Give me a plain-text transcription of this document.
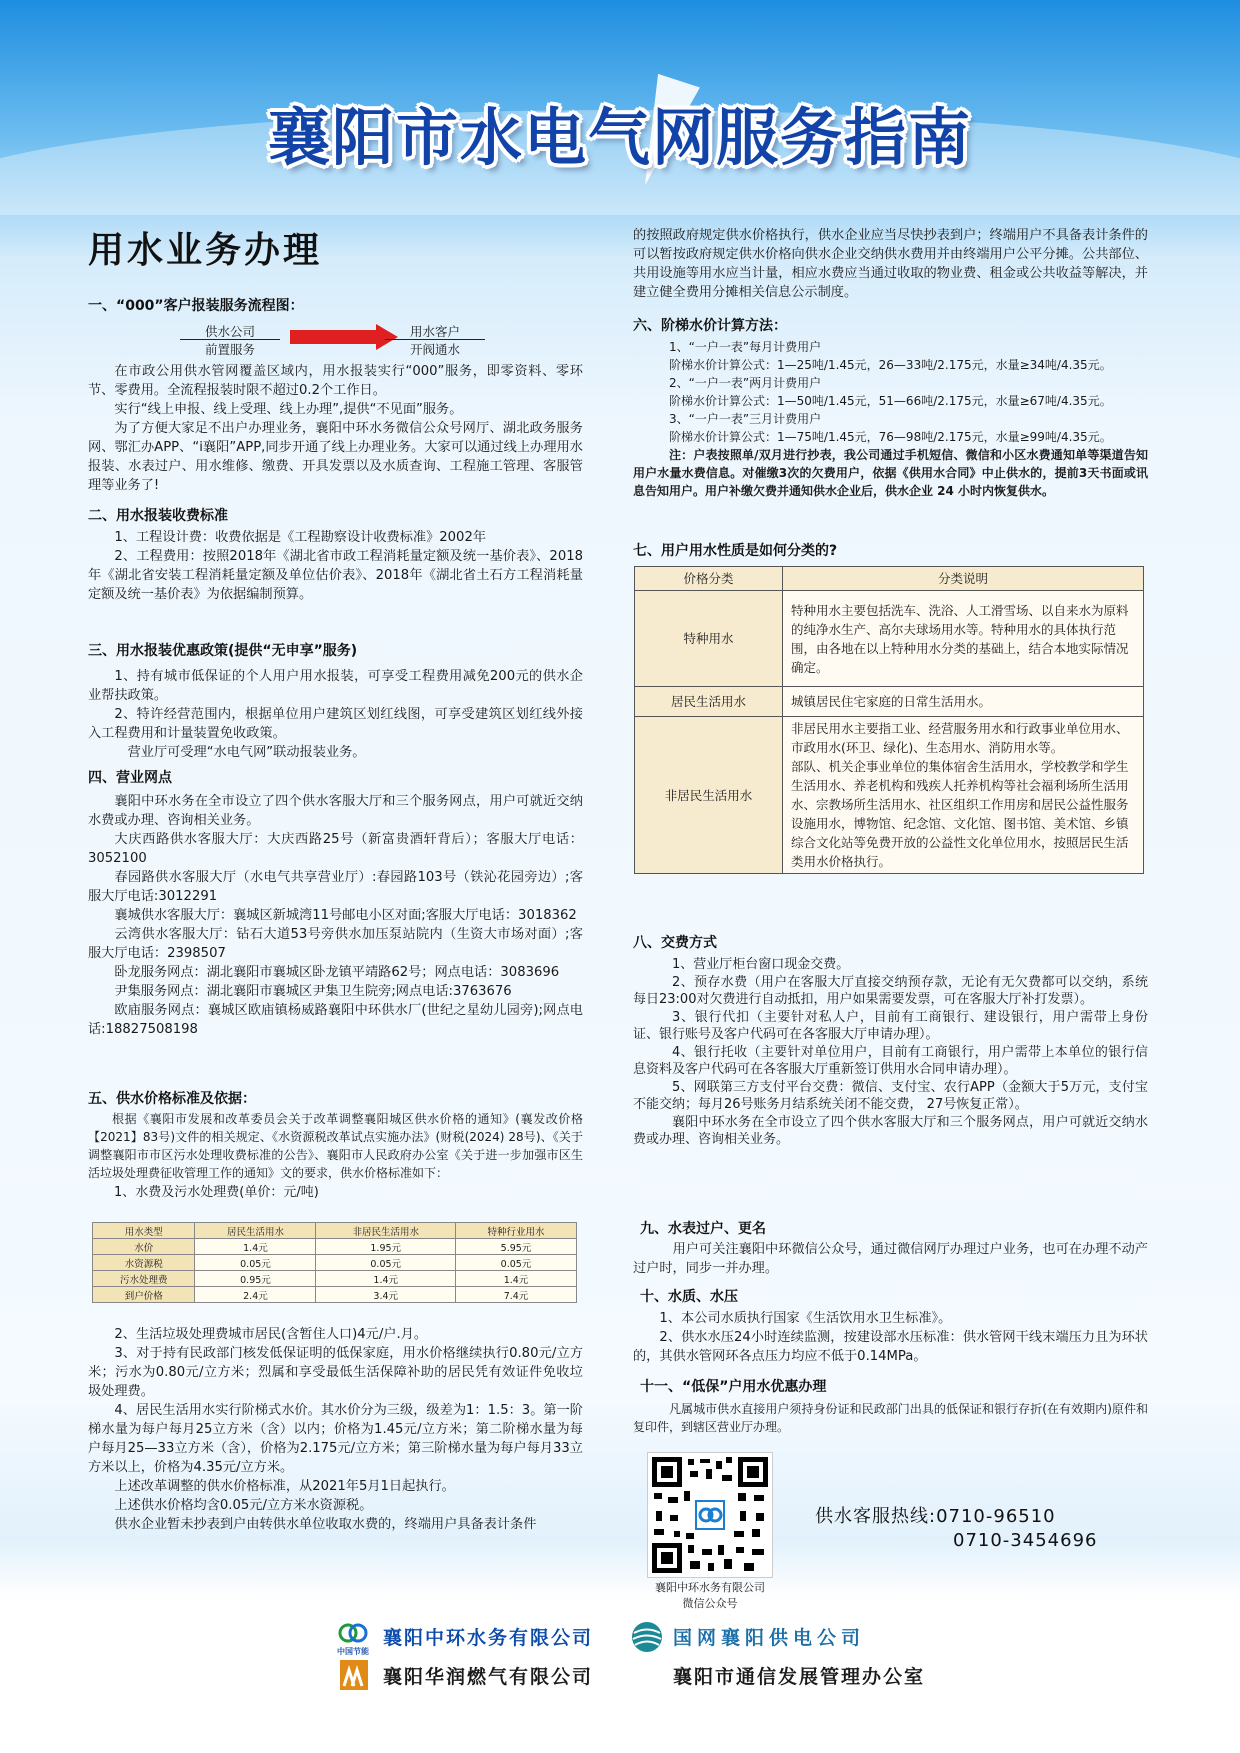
襄阳市水电气网服务指南
用水业务办理
一、“000”客户报装服务流程图：
供水公司
前置服务
用水客户
开阀通水
在市政公用供水管网覆盖区域内，用水报装实行“000”服务，即零资料、零环节、零费用。全流程报装时限不超过0.2个工作日。
实行“线上申报、线上受理、线上办理”,提供“不见面”服务。
为了方便大家足不出户办理业务，襄阳中环水务微信公众号网厅、湖北政务服务网、鄂汇办APP、“i襄阳”APP,同步开通了线上办理业务。大家可以通过线上办理用水报装、水表过户、用水维修、缴费、开具发票以及水质查询、工程施工管理、客服管理等业务了!
二、用水报装收费标准
1、工程设计费：收费依据是《工程勘察设计收费标准》2002年
2、工程费用：按照2018年《湖北省市政工程消耗量定额及统一基价表》、2018年《湖北省安装工程消耗量定额及单位估价表》、2018年《湖北省土石方工程消耗量定额及统一基价表》为依据编制预算。
三、用水报装优惠政策(提供“无申享”服务)
1、持有城市低保证的个人用户用水报装，可享受工程费用减免200元的供水企业帮扶政策。
2、特许经营范围内，根据单位用户建筑区划红线图，可享受建筑区划红线外接入工程费用和计量装置免收政策。
营业厅可受理“水电气网”联动报装业务。
四、营业网点
襄阳中环水务在全市设立了四个供水客服大厅和三个服务网点，用户可就近交纳水费或办理、咨询相关业务。
大庆西路供水客服大厅：大庆西路25号（新富贵酒轩背后）；客服大厅电话：3052100
春园路供水客服大厅（水电气共享营业厅）:春园路103号（铁沁花园旁边）;客服大厅电话:3012291
襄城供水客服大厅：襄城区新城湾11号邮电小区对面;客服大厅电话：3018362
云湾供水客服大厅：钻石大道53号旁供水加压泵站院内（生资大市场对面）;客服大厅电话：2398507
卧龙服务网点：湖北襄阳市襄城区卧龙镇平靖路62号；网点电话：3083696
尹集服务网点：湖北襄阳市襄城区尹集卫生院旁;网点电话:3763676
欧庙服务网点：襄城区欧庙镇杨威路襄阳中环供水厂(世纪之星幼儿园旁);网点电话:18827508198
五、供水价格标准及依据：
根据《襄阳市发展和改革委员会关于改革调整襄阳城区供水价格的通知》(襄发改价格【2021】83号)文件的相关规定、《水资源税改革试点实施办法》(财税(2024) 28号)、《关于调整襄阳市市区污水处理收费标准的公告》、襄阳市人民政府办公室《关于进一步加强市区生活垃圾处理费征收管理工作的通知》文的要求，供水价格标准如下：
1、水费及污水处理费(单价：元/吨)
用水类型	居民生活用水	非居民生活用水	特种行业用水
水价	1.4元	1.95元	5.95元
水资源税	0.05元	0.05元	0.05元
污水处理费	0.95元	1.4元	1.4元
到户价格	2.4元	3.4元	7.4元
2、生活垃圾处理费城市居民(含暂住人口)4元/户.月。
3、对于持有民政部门核发低保证明的低保家庭，用水价格继续执行0.80元/立方米；污水为0.80元/立方米；烈属和享受最低生活保障补助的居民凭有效证件免收垃圾处理费。
4、居民生活用水实行阶梯式水价。其水价分为三级，级差为1：1.5：3。第一阶梯水量为每户每月25立方米（含）以内；价格为1.45元/立方米；第二阶梯水量为每户每月25—33立方米（含），价格为2.175元/立方米；第三阶梯水量为每户每月33立方米以上，价格为4.35元/立方米。
上述改革调整的供水价格标准，从2021年5月1日起执行。
上述供水价格均含0.05元/立方米水资源税。
供水企业暂未抄表到户由转供水单位收取水费的，终端用户具备表计条件
的按照政府规定供水价格执行，供水企业应当尽快抄表到户；终端用户不具备表计条件的可以暂按政府规定供水价格向供水企业交纳供水费用并由终端用户公平分摊。公共部位、共用设施等用水应当计量，相应水费应当通过收取的物业费、租金或公共收益等解决，并建立健全费用分摊相关信息公示制度。
六、阶梯水价计算方法：
1、“一户一表”每月计费用户
阶梯水价计算公式：1—25吨/1.45元，26—33吨/2.175元，水量≥34吨/4.35元。
2、“一户一表”两月计费用户
阶梯水价计算公式：1—50吨/1.45元，51—66吨/2.175元，水量≥67吨/4.35元。
3、“一户一表”三月计费用户
阶梯水价计算公式：1—75吨/1.45元，76—98吨/2.175元，水量≥99吨/4.35元。
注：户表按照单/双月进行抄表，我公司通过手机短信、微信和小区水费通知单等渠道告知用户水量水费信息。对催缴3次的欠费用户，依据《供用水合同》中止供水的，提前3天书面或讯息告知用户。用户补缴欠费并通知供水企业后，供水企业 24 小时内恢复供水。
七、用户用水性质是如何分类的?
价格分类	分类说明
特种用水	特种用水主要包括洗车、洗浴、人工滑雪场、以自来水为原料的纯净水生产、高尔夫球场用水等。特种用水的具体执行范围，由各地在以上特种用水分类的基础上，结合本地实际情况确定。
居民生活用水	城镇居民住宅家庭的日常生活用水。
非居民生活用水	非居民用水主要指工业、经营服务用水和行政事业单位用水、市政用水(环卫、绿化)、生态用水、消防用水等。
部队、机关企事业单位的集体宿舍生活用水，学校教学和学生生活用水、养老机构和残疾人托养机构等社会福利场所生活用水、宗教场所生活用水、社区组织工作用房和居民公益性服务设施用水，博物馆、纪念馆、文化馆、图书馆、美术馆、乡镇综合文化站等免费开放的公益性文化单位用水，按照居民生活类用水价格执行。
八、交费方式
1、营业厅柜台窗口现金交费。
2、预存水费（用户在客服大厅直接交纳预存款，无论有无欠费都可以交纳，系统每日23:00对欠费进行自动抵扣，用户如果需要发票，可在客服大厅补打发票）。
3、银行代扣（主要针对私人户，目前有工商银行、建设银行，用户需带上身份证、银行账号及客户代码可在各客服大厅申请办理）。
4、银行托收（主要针对单位用户，目前有工商银行，用户需带上本单位的银行信息资料及客户代码可在各客服大厅重新签订供用水合同申请办理）。
5、网联第三方支付平台交费：微信、支付宝、农行APP（金额大于5万元，支付宝不能交纳；每月26号账务月结系统关闭不能交费， 27号恢复正常）。
襄阳中环水务在全市设立了四个供水客服大厅和三个服务网点，用户可就近交纳水费或办理、咨询相关业务。
九、水表过户、更名
用户可关注襄阳中环微信公众号，通过微信网厅办理过户业务，也可在办理不动产过户时，同步一并办理。
十、水质、水压
1、本公司水质执行国家《生活饮用水卫生标准》。
2、供水水压24小时连续监测，按建设部水压标准：供水管网干线末端压力且为环状的，其供水管网环各点压力均应不低于0.14MPa。
十一、“低保”户用水优惠办理
凡属城市供水直接用户须持身份证和民政部门出具的低保证和银行存折(在有效期内)原件和复印件，到辖区营业厅办理。
襄阳中环水务有限公司
微信公众号
供水客服热线:0710-96510
0710-3454696
中国节能
襄阳中环水务有限公司	国网襄阳供电公司
襄阳华润燃气有限公司	襄阳市通信发展管理办公室
